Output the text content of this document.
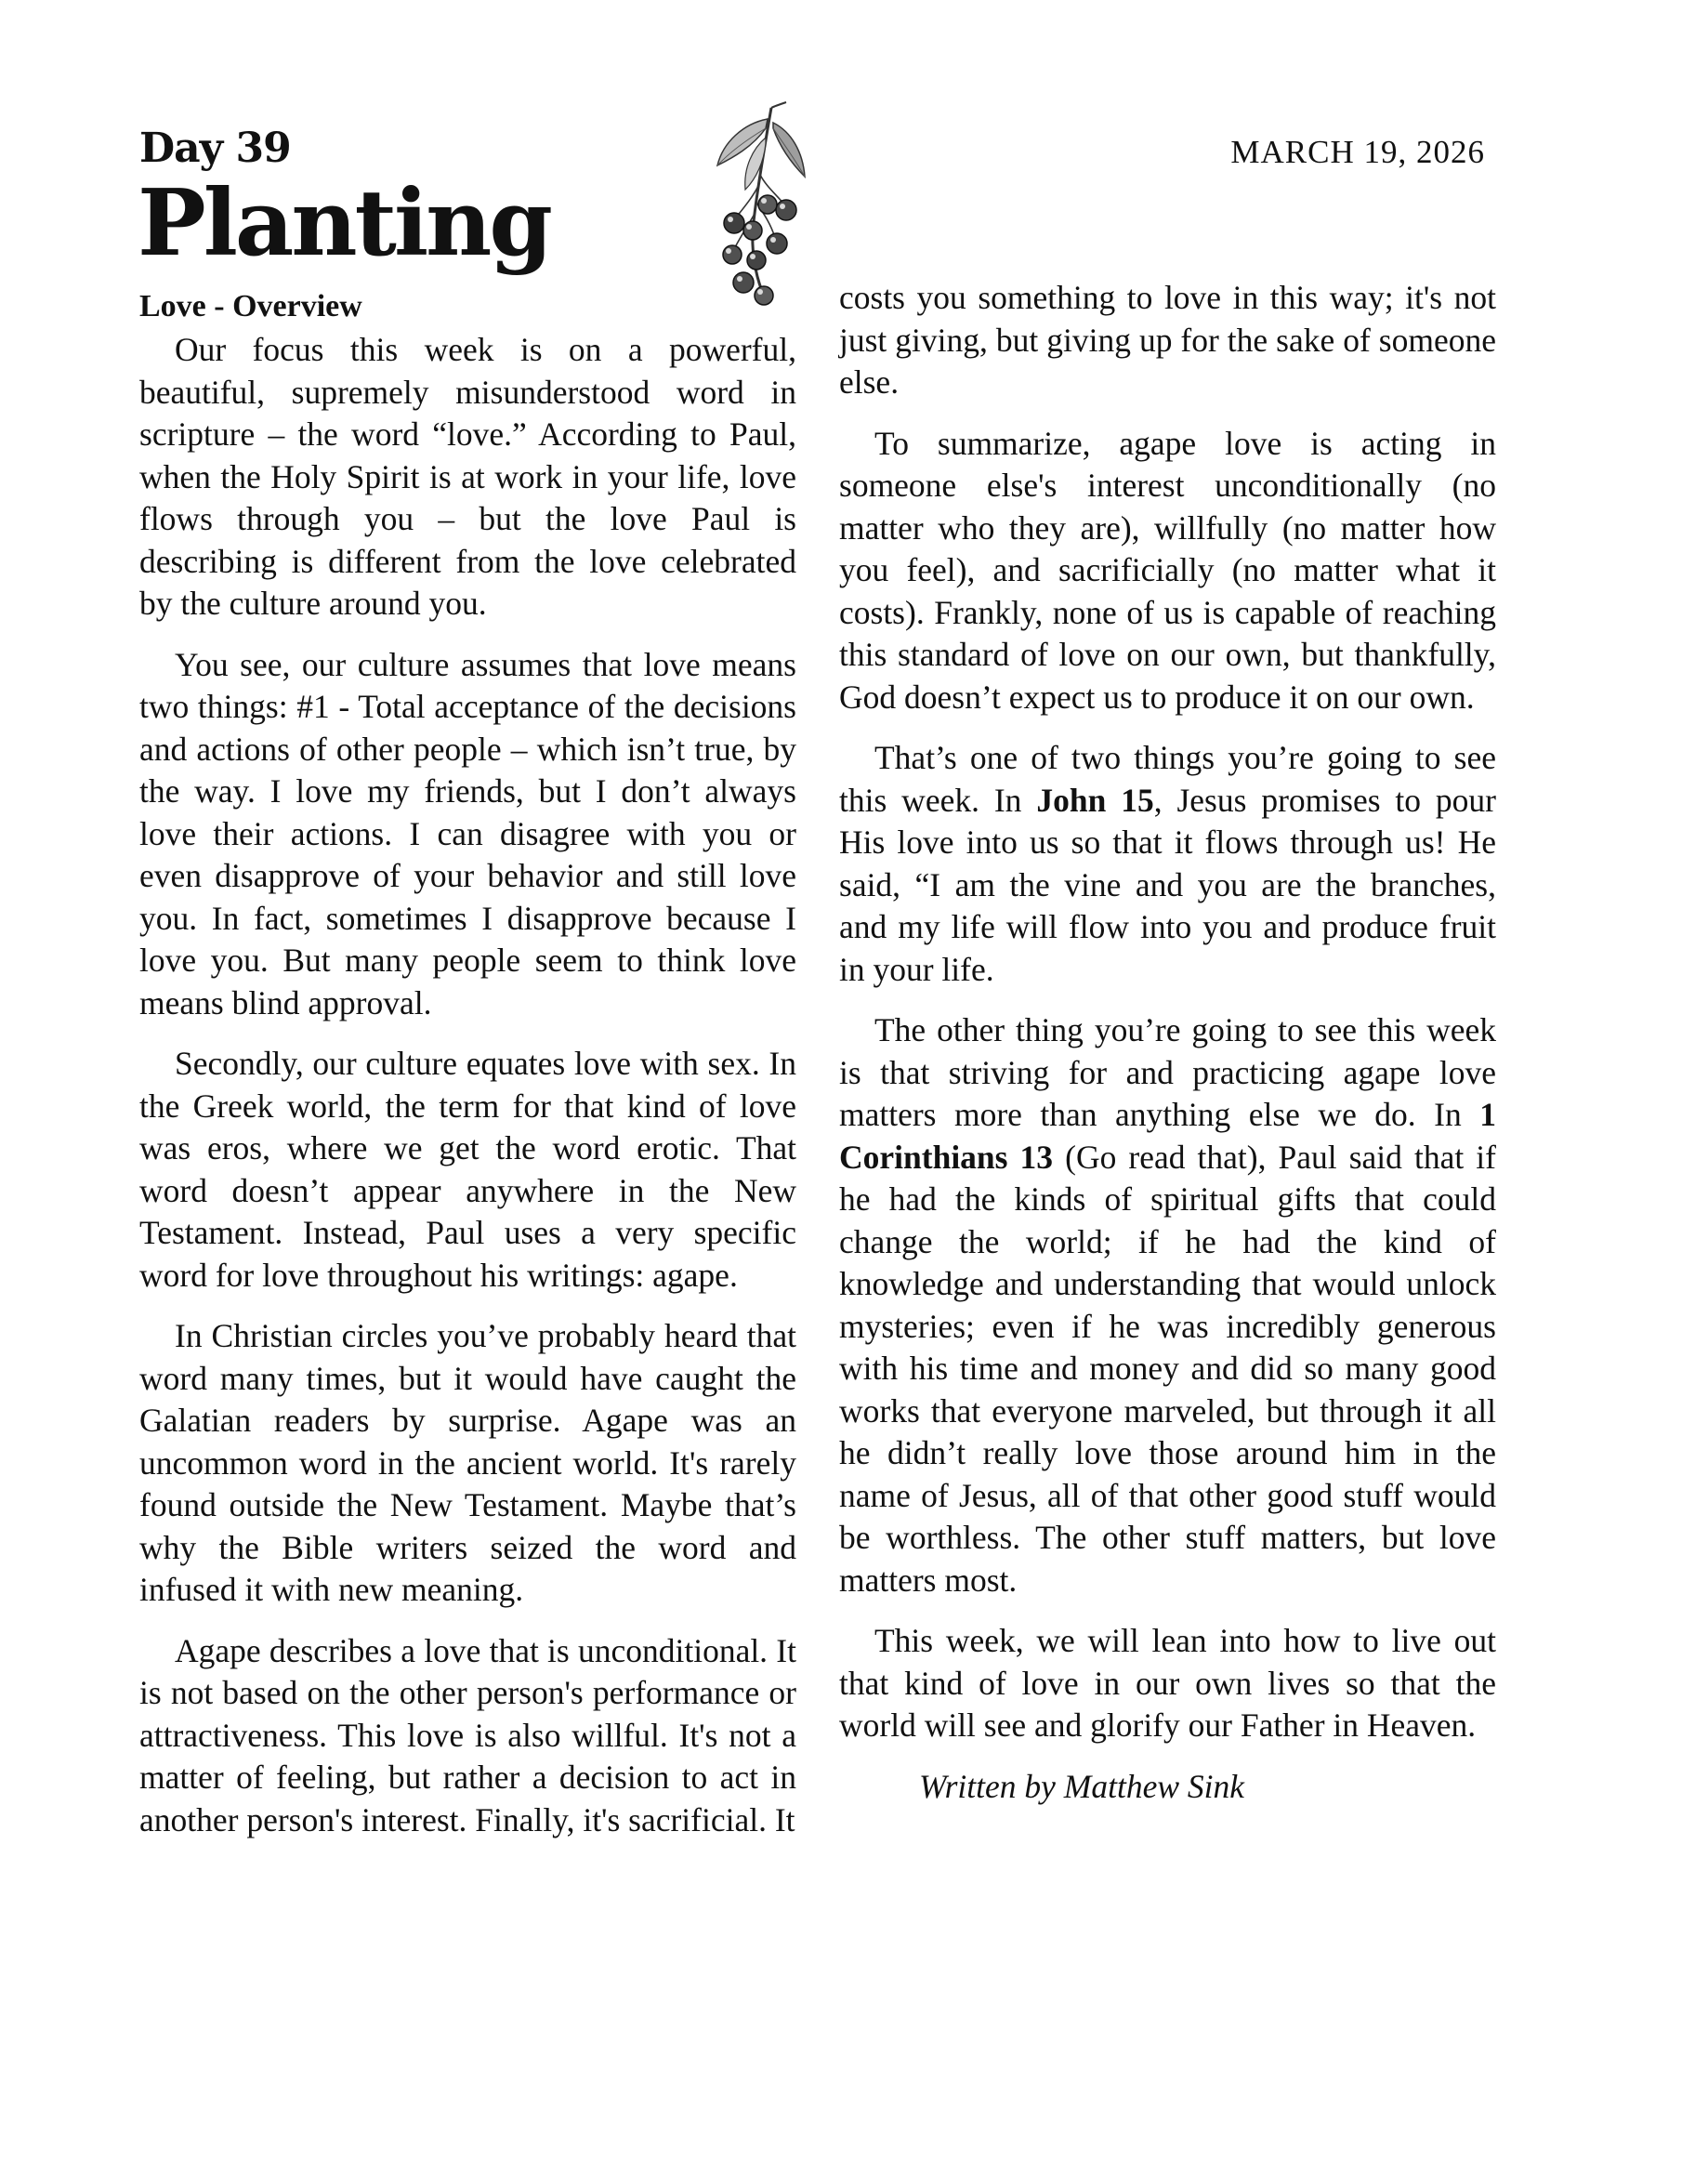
Day 39
Planting
MARCH 19, 2026
Love - Overview

Our focus this week is on a powerful, beautiful, supremely misunderstood word in scripture – the word “love.” According to Paul, when the Holy Spirit is at work in your life, love flows through you – but the love Paul is describing is different from the love celebrated by the culture around you.

You see, our culture assumes that love means two things: #1 - Total acceptance of the decisions and actions of other people – which isn’t true, by the way. I love my friends, but I don’t always love their actions. I can disagree with you or even disapprove of your behavior and still love you. In fact, sometimes I disapprove because I love you. But many people seem to think love means blind approval.

Secondly, our culture equates love with sex. In the Greek world, the term for that kind of love was eros, where we get the word erotic. That word doesn’t appear anywhere in the New Testament. Instead, Paul uses a very specific word for love throughout his writings: agape.

In Christian circles you’ve probably heard that word many times, but it would have caught the Galatian readers by surprise. Agape was an uncommon word in the ancient world. It's rarely found outside the New Testament. Maybe that’s why the Bible writers seized the word and infused it with new meaning.

Agape describes a love that is unconditional. It is not based on the other person's performance or attractiveness. This love is also willful. It's not a matter of feeling, but rather a decision to act in another person's interest. Finally, it's sacrificial. It

costs you something to love in this way; it's not just giving, but giving up for the sake of someone else.

To summarize, agape love is acting in someone else's interest unconditionally (no matter who they are), willfully (no matter how you feel), and sacrificially (no matter what it costs). Frankly, none of us is capable of reaching this standard of love on our own, but thankfully, God doesn’t expect us to produce it on our own.

That’s one of two things you’re going to see this week. In John 15, Jesus promises to pour His love into us so that it flows through us! He said, “I am the vine and you are the branches, and my life will flow into you and produce fruit in your life.

The other thing you’re going to see this week is that striving for and practicing agape love matters more than anything else we do. In 1 Corinthians 13 (Go read that), Paul said that if he had the kinds of spiritual gifts that could change the world; if he had the kind of knowledge and understanding that would unlock mysteries; even if he was incredibly generous with his time and money and did so many good works that everyone marveled, but through it all he didn’t really love those around him in the name of Jesus, all of that other good stuff would be worthless. The other stuff matters, but love matters most.

This week, we will lean into how to live out that kind of love in our own lives so that the world will see and glorify our Father in Heaven.

Written by Matthew Sink
